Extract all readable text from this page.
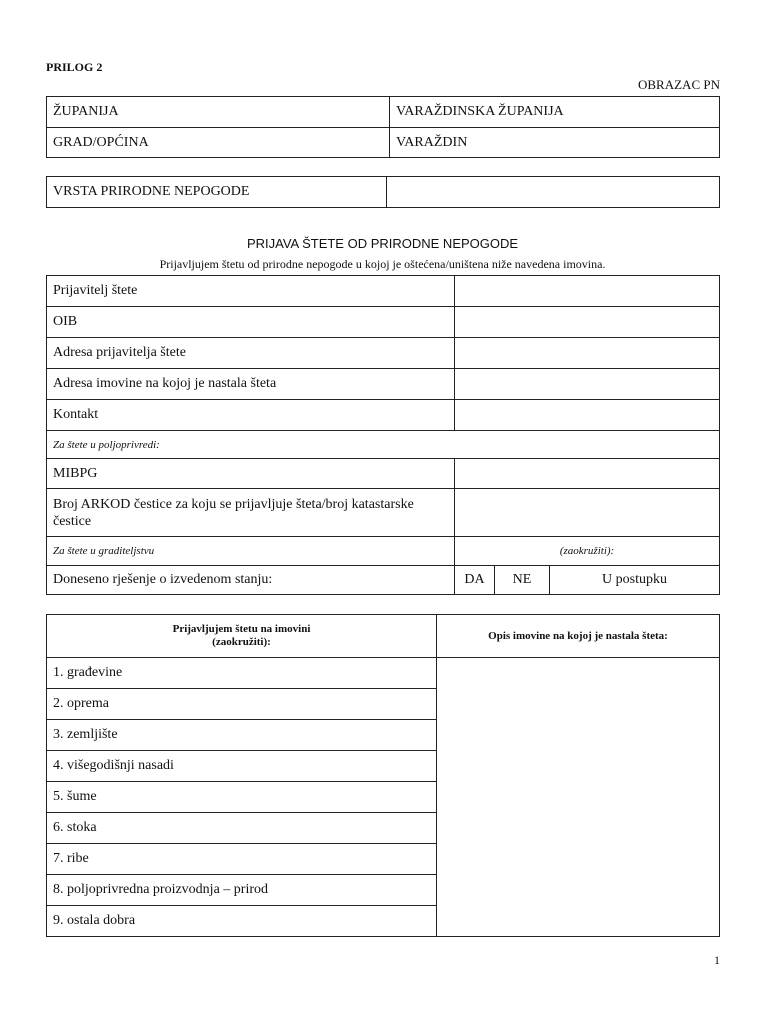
PRILOG 2
OBRAZAC PN
ŽUPANIJA	VARAŽDINSKA ŽUPANIJA
GRAD/OPĆINA	VARAŽDIN
VRSTA PRIRODNE NEPOGODE	
PRIJAVA ŠTETE OD PRIRODNE NEPOGODE
Prijavljujem štetu od prirodne nepogode u kojoj je oštećena/uništena niže navedena imovina.
Prijavitelj štete			
OIB			
Adresa prijavitelja štete			
Adresa imovine na kojoj je nastala šteta			
Kontakt			
Za štete u poljoprivredi:			
MIBPG			
Broj ARKOD čestice za koju se prijavljuje šteta/broj katastarske čestice			
Za štete u graditeljstvu	(zaokružiti):		
Doneseno rješenje o izvedenom stanju:	DA	NE	U postupku
Prijavljujem štetu na imovini
(zaokružiti):	Opis imovine na kojoj je nastala šteta:
1. građevine	
2. oprema	
3. zemljište	
4. višegodišnji nasadi	
5. šume	
6. stoka	
7. ribe	
8. poljoprivredna proizvodnja – prirod	
9. ostala dobra	
1
